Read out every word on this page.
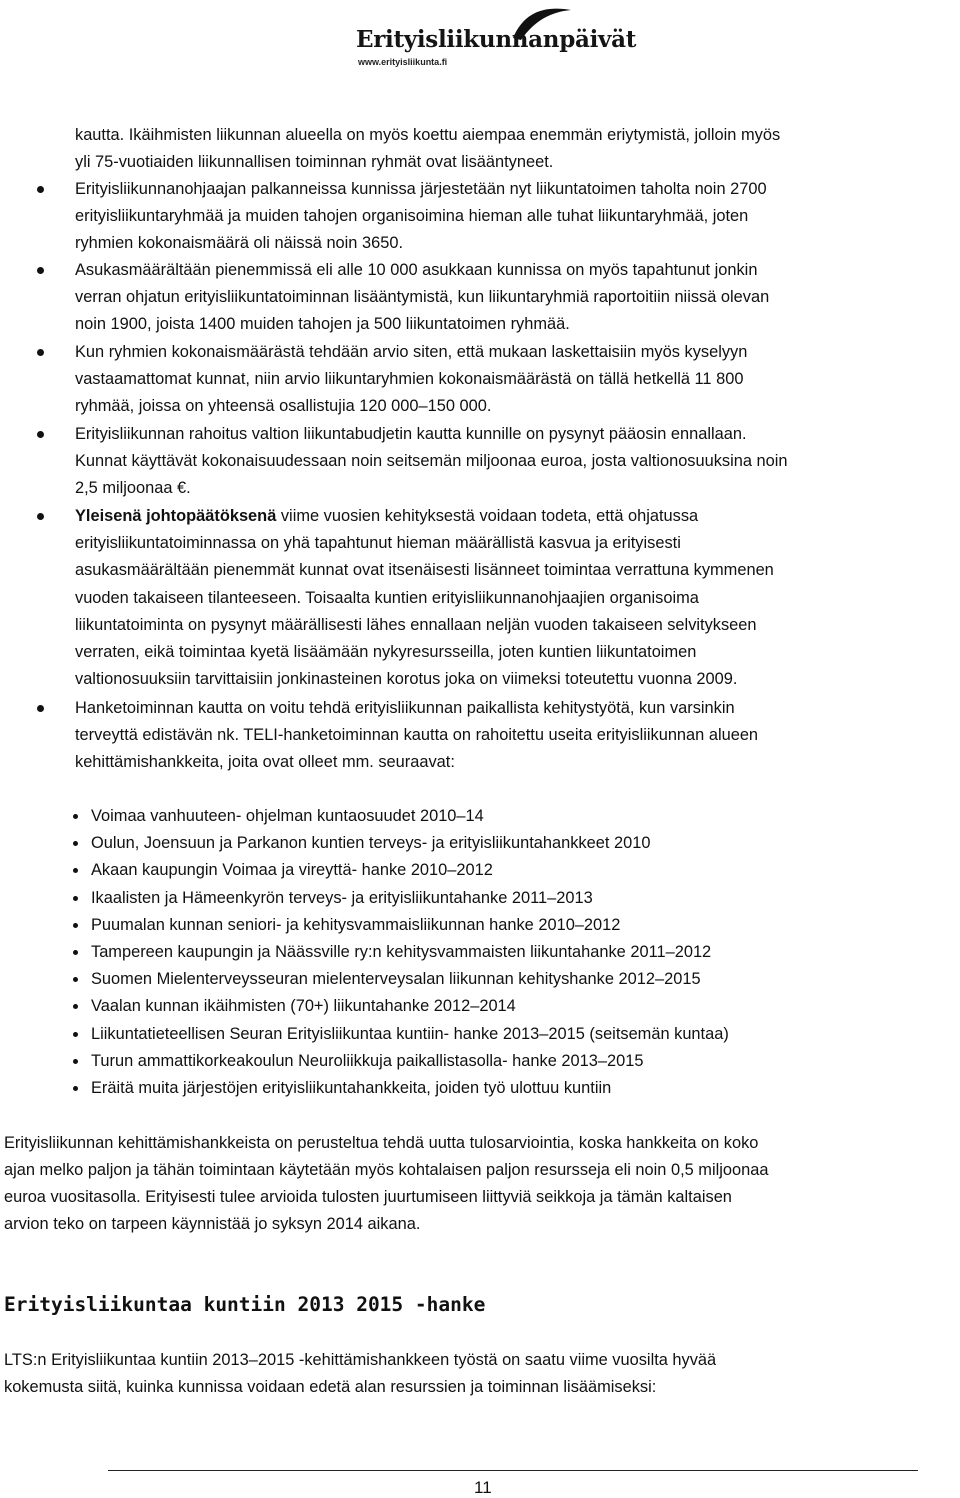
Erityisliikunnanpäivät
www.erityisliikunta.fi
kautta. Ikäihmisten liikunnan alueella on myös koettu aiempaa enemmän eriytymistä, jolloin myös
yli 75-vuotiaiden liikunnallisen toiminnan ryhmät ovat lisääntyneet.
Erityisliikunnanohjaajan palkanneissa kunnissa järjestetään nyt liikuntatoimen taholta noin 2700
erityisliikuntaryhmää ja muiden tahojen organisoimina hieman alle tuhat liikuntaryhmää, joten
ryhmien kokonaismäärä oli näissä noin 3650.
Asukasmäärältään pienemmissä eli alle 10 000 asukkaan kunnissa on myös tapahtunut jonkin
verran ohjatun erityisliikuntatoiminnan lisääntymistä, kun liikuntaryhmiä raportoitiin niissä olevan
noin 1900, joista 1400 muiden tahojen ja 500 liikuntatoimen ryhmää.
Kun ryhmien kokonaismäärästä tehdään arvio siten, että mukaan laskettaisiin myös kyselyyn
vastaamattomat kunnat, niin arvio liikuntaryhmien kokonaismäärästä on tällä hetkellä 11 800
ryhmää, joissa on yhteensä osallistujia 120 000–150 000.
Erityisliikunnan rahoitus valtion liikuntabudjetin kautta kunnille on pysynyt pääosin ennallaan.
Kunnat käyttävät kokonaisuudessaan noin seitsemän miljoonaa euroa, josta valtionosuuksina noin
2,5 miljoonaa €.
Yleisenä johtopäätöksenä viime vuosien kehityksestä voidaan todeta, että ohjatussa
erityisliikuntatoiminnassa on yhä tapahtunut hieman määrällistä kasvua ja erityisesti
asukasmäärältään pienemmät kunnat ovat itsenäisesti lisänneet toimintaa verrattuna kymmenen
vuoden takaiseen tilanteeseen. Toisaalta kuntien erityisliikunnanohjaajien organisoima
liikuntatoiminta on pysynyt määrällisesti lähes ennallaan neljän vuoden takaiseen selvitykseen
verraten, eikä toimintaa kyetä lisäämään nykyresursseilla, joten kuntien liikuntatoimen
valtionosuuksiin tarvittaisiin jonkinasteinen korotus joka on viimeksi toteutettu vuonna 2009.
Hanketoiminnan kautta on voitu tehdä erityisliikunnan paikallista kehitystyötä, kun varsinkin
terveyttä edistävän nk. TELI-hanketoiminnan kautta on rahoitettu useita erityisliikunnan alueen
kehittämishankkeita, joita ovat olleet mm. seuraavat:
Voimaa vanhuuteen- ohjelman kuntaosuudet 2010–14
Oulun, Joensuun ja Parkanon kuntien terveys- ja erityisliikuntahankkeet 2010
Akaan kaupungin Voimaa ja vireyttä- hanke 2010–2012
Ikaalisten ja Hämeenkyrön terveys- ja erityisliikuntahanke 2011–2013
Puumalan kunnan seniori- ja kehitysvammaisliikunnan hanke 2010–2012
Tampereen kaupungin ja Näässville ry:n kehitysvammaisten liikuntahanke 2011–2012
Suomen Mielenterveysseuran mielenterveysalan liikunnan kehityshanke 2012–2015
Vaalan kunnan ikäihmisten (70+) liikuntahanke 2012–2014
Liikuntatieteellisen Seuran Erityisliikuntaa kuntiin- hanke 2013–2015 (seitsemän kuntaa)
Turun ammattikorkeakoulun Neuroliikkuja paikallistasolla- hanke 2013–2015
Eräitä muita järjestöjen erityisliikuntahankkeita, joiden työ ulottuu kuntiin
Erityisliikunnan kehittämishankkeista on perusteltua tehdä uutta tulosarviointia, koska hankkeita on koko
ajan melko paljon ja tähän toimintaan käytetään myös kohtalaisen paljon resursseja eli noin 0,5 miljoonaa
euroa vuositasolla. Erityisesti tulee arvioida tulosten juurtumiseen liittyviä seikkoja ja tämän kaltaisen
arvion teko on tarpeen käynnistää jo syksyn 2014 aikana.
LTS:n Erityisliikuntaa kuntiin 2013–2015 -kehittämishankkeen työstä on saatu viime vuosilta hyvää
kokemusta siitä, kuinka kunnissa voidaan edetä alan resurssien ja toiminnan lisäämiseksi:
Erityisliikuntaa kuntiin 2013 2015 -hanke
11
